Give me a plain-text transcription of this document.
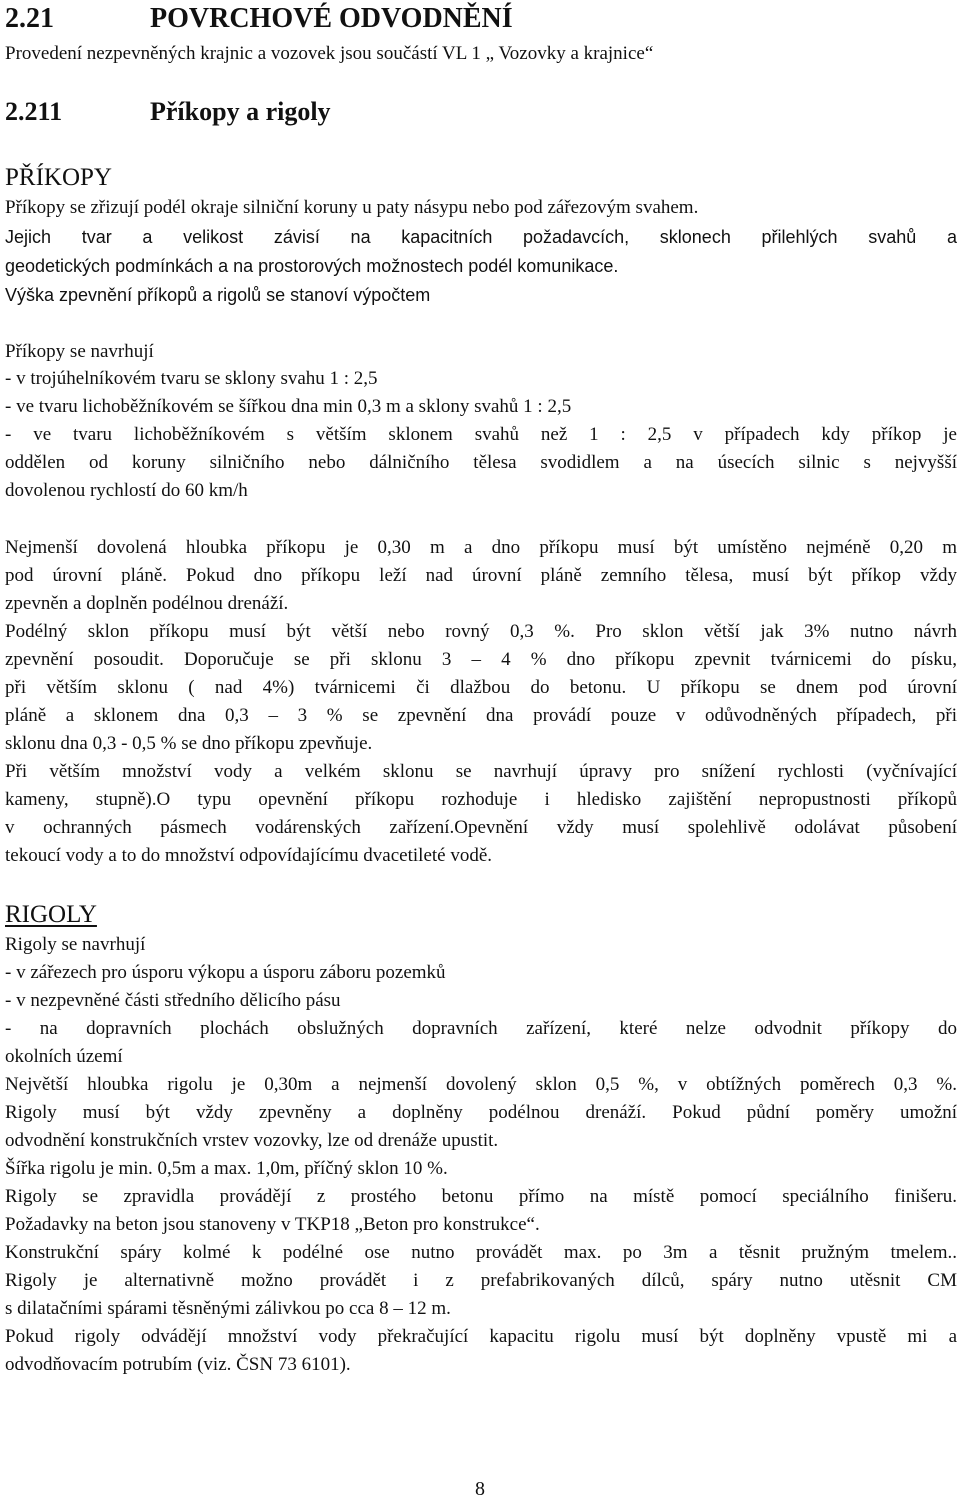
2.21	POVRCHOVÉ ODVODNĚNÍ
Provedení nezpevněných krajnic a vozovek jsou součástí VL 1 „ Vozovky a krajnice“
2.211	Příkopy a rigoly
PŘÍKOPY
Příkopy se zřizují podél okraje silniční koruny u paty násypu nebo pod zářezovým svahem.
Jejich tvar a velikost závisí na kapacitních požadavcích, sklonech přilehlých svahů a
geodetických podmínkách a na prostorových možnostech podél komunikace.
Výška zpevnění příkopů a rigolů se stanoví výpočtem
Příkopy se navrhují
- v trojúhelníkovém tvaru se sklony svahu 1 : 2,5
- ve tvaru lichoběžníkovém se šířkou dna min 0,3 m a sklony svahů 1 : 2,5
- ve tvaru lichoběžníkovém s větším sklonem svahů než 1 : 2,5 v případech kdy příkop je
oddělen od koruny silničního nebo dálničního tělesa svodidlem a na úsecích silnic s nejvyšší
dovolenou rychlostí do 60 km/h
Nejmenší dovolená hloubka příkopu je 0,30 m a dno příkopu musí být umístěno nejméně 0,20 m
pod úrovní pláně. Pokud dno příkopu leží nad úrovní pláně zemního tělesa, musí být příkop vždy
zpevněn a doplněn podélnou drenáží.
Podélný sklon příkopu musí být větší nebo rovný 0,3 %. Pro sklon větší jak 3% nutno návrh
zpevnění posoudit. Doporučuje se při sklonu 3 – 4 % dno příkopu zpevnit tvárnicemi do písku,
při větším sklonu ( nad 4%) tvárnicemi či dlažbou do betonu. U příkopu se dnem pod úrovní
pláně a sklonem dna 0,3 – 3 % se zpevnění dna provádí pouze v odůvodněných případech, při
sklonu dna 0,3 - 0,5 % se dno příkopu zpevňuje.
Při větším množství vody a velkém sklonu se navrhují úpravy pro snížení rychlosti (vyčnívající
kameny, stupně).O typu opevnění příkopu rozhoduje i hledisko zajištění nepropustnosti příkopů
v ochranných pásmech vodárenských zařízení.Opevnění vždy musí spolehlivě odolávat působení
tekoucí vody a to do množství odpovídajícímu dvacetileté vodě.
RIGOLY
Rigoly se navrhují
- v zářezech pro úsporu výkopu a úsporu záboru pozemků
- v nezpevněné části středního dělicího pásu
- na dopravních plochách obslužných dopravních zařízení, které nelze odvodnit příkopy do
okolních území
Největší hloubka rigolu je 0,30m a nejmenší dovolený sklon 0,5 %, v obtížných poměrech 0,3 %.
Rigoly musí být vždy zpevněny a doplněny podélnou drenáží. Pokud půdní poměry umožní
odvodnění konstrukčních vrstev vozovky, lze od drenáže upustit.
Šířka rigolu je min. 0,5m a max. 1,0m, příčný sklon 10 %.
Rigoly se zpravidla provádějí z prostého betonu přímo na místě pomocí speciálního finišeru.
Požadavky na beton jsou stanoveny v TKP18 „Beton pro konstrukce“.
Konstrukční spáry kolmé k podélné ose nutno provádět max. po 3m a těsnit pružným tmelem..
Rigoly je alternativně možno provádět i z prefabrikovaných dílců, spáry nutno utěsnit CM
s dilatačními spárami těsněnými zálivkou po cca 8 – 12 m.
Pokud rigoly odvádějí množství vody překračující kapacitu rigolu musí být doplněny vpustě mi a
odvodňovacím potrubím (viz. ČSN 73 6101).
8
